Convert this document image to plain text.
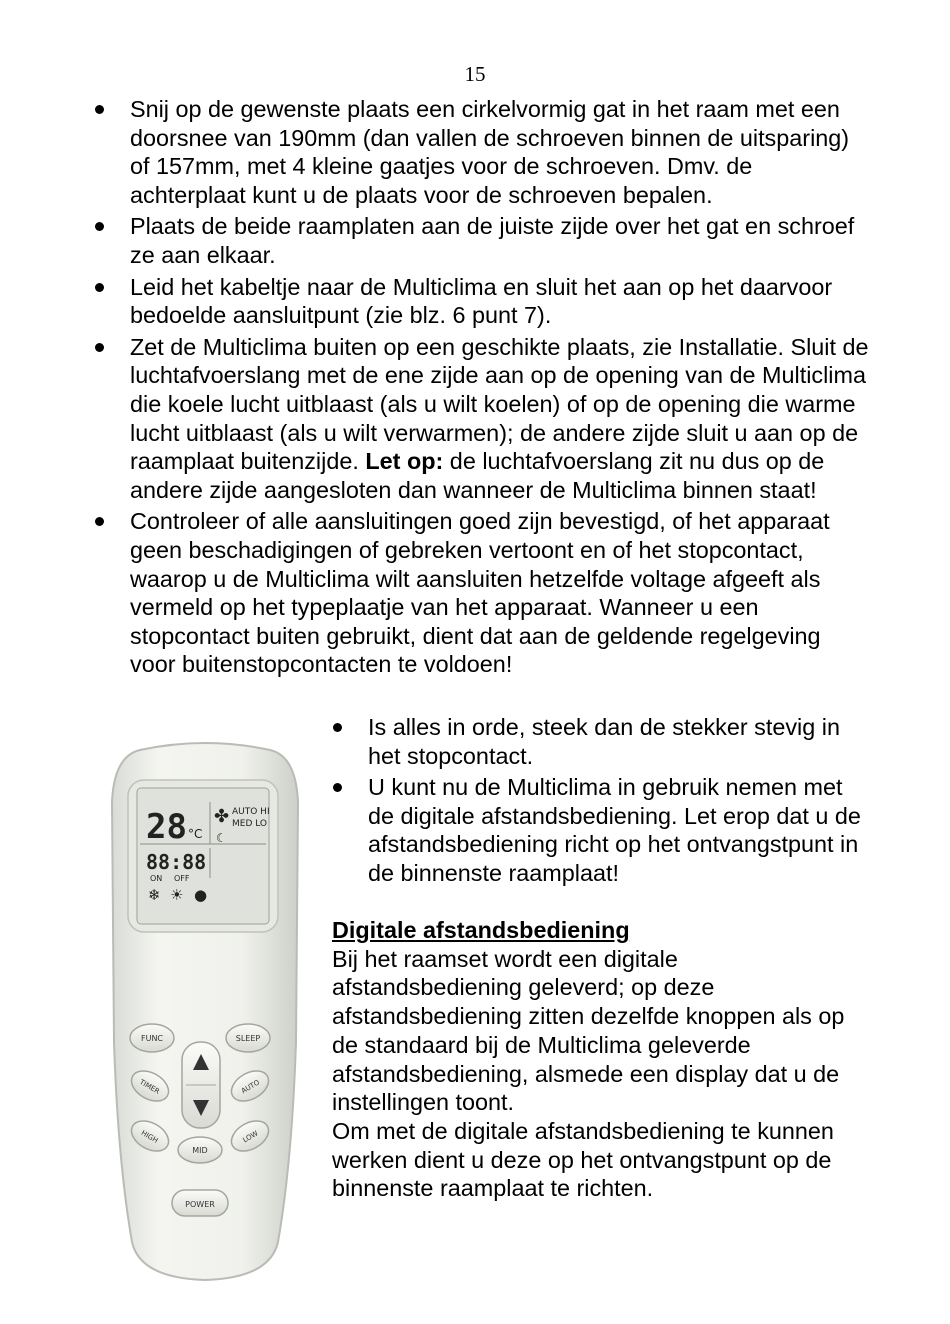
15
Snij op de gewenste plaats een cirkelvormig gat in het raam met een doorsnee van 190mm (dan vallen de schroeven binnen de uitsparing) of 157mm, met 4 kleine gaatjes voor de schroeven. Dmv. de achterplaat kunt u de plaats voor de schroeven bepalen.
Plaats de beide raamplaten aan de juiste zijde over het gat en schroef ze aan elkaar.
Leid het kabeltje naar de Multiclima en sluit het aan op het daarvoor bedoelde aansluitpunt (zie blz. 6 punt 7).
Zet de Multiclima buiten op een geschikte plaats, zie Installatie. Sluit de luchtafvoerslang met de ene zijde aan op de opening van de Multiclima die koele lucht uitblaast (als u wilt koelen) of op de opening die warme lucht uitblaast (als u wilt verwarmen); de andere zijde sluit u aan op de raamplaat buitenzijde. Let op: de luchtafvoerslang zit nu dus op de andere zijde aangesloten dan wanneer de Multiclima binnen staat!
Controleer of alle aansluitingen goed zijn bevestigd, of het apparaat geen beschadigingen of gebreken vertoont en of het stopcontact, waarop u de Multiclima wilt aansluiten hetzelfde voltage afgeeft als vermeld op het typeplaatje van het apparaat. Wanneer u een stopcontact buiten gebruikt, dient dat aan de geldende regelgeving voor buitenstopcontacten te voldoen!
Is alles in orde, steek dan de stekker stevig in het stopcontact.
U kunt nu de Multiclima in gebruik nemen met de digitale afstandsbediening. Let erop dat u de afstandsbediening richt op het ontvangstpunt in de binnenste raamplaat!
Digitale afstandsbediening
Bij het raamset wordt een digitale afstandsbediening geleverd; op deze afstandsbediening zitten dezelfde knoppen als op de standaard bij de Multiclima geleverde afstandsbediening, alsmede een display dat u de instellingen toont.
Om met de digitale afstandsbediening te kunnen werken dient u deze op het ontvangstpunt op de binnenste raamplaat te richten.
28 °C
✤
☾
AUTO HI
MED LO
88:88
ON OFF
❄ ☀ ●
FUNC	SLEEP
TIMER	AUTO
HIGH	LOW
MID
POWER
